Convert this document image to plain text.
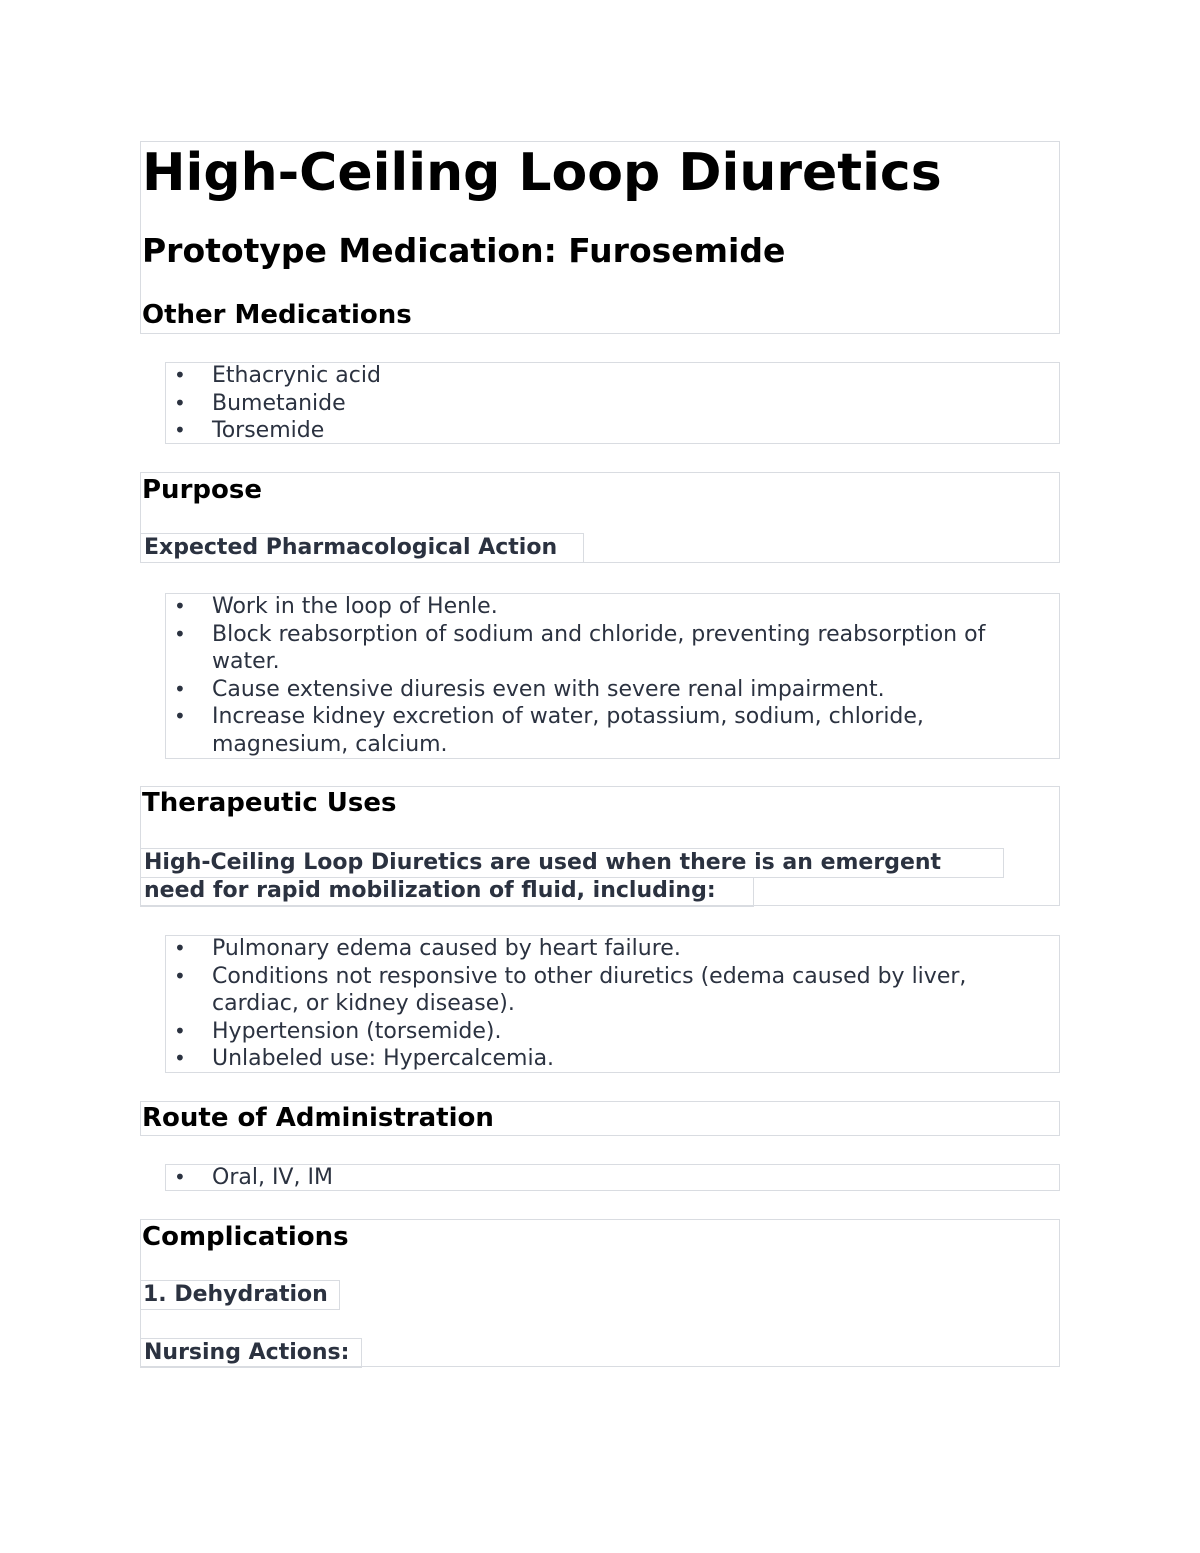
High-Ceiling Loop Diuretics
Prototype Medication: Furosemide
Other Medications
• Ethacrynic acid
• Bumetanide
• Torsemide
Purpose
Expected Pharmacological Action
• Work in the loop of Henle.
• Block reabsorption of sodium and chloride, preventing reabsorption of water.
• Cause extensive diuresis even with severe renal impairment.
• Increase kidney excretion of water, potassium, sodium, chloride, magnesium, calcium.
Therapeutic Uses
High-Ceiling Loop Diuretics are used when there is an emergent
need for rapid mobilization of fluid, including:
• Pulmonary edema caused by heart failure.
• Conditions not responsive to other diuretics (edema caused by liver, cardiac, or kidney disease).
• Hypertension (torsemide).
• Unlabeled use: Hypercalcemia.
Route of Administration
• Oral, IV, IM
Complications
1. Dehydration
Nursing Actions:
